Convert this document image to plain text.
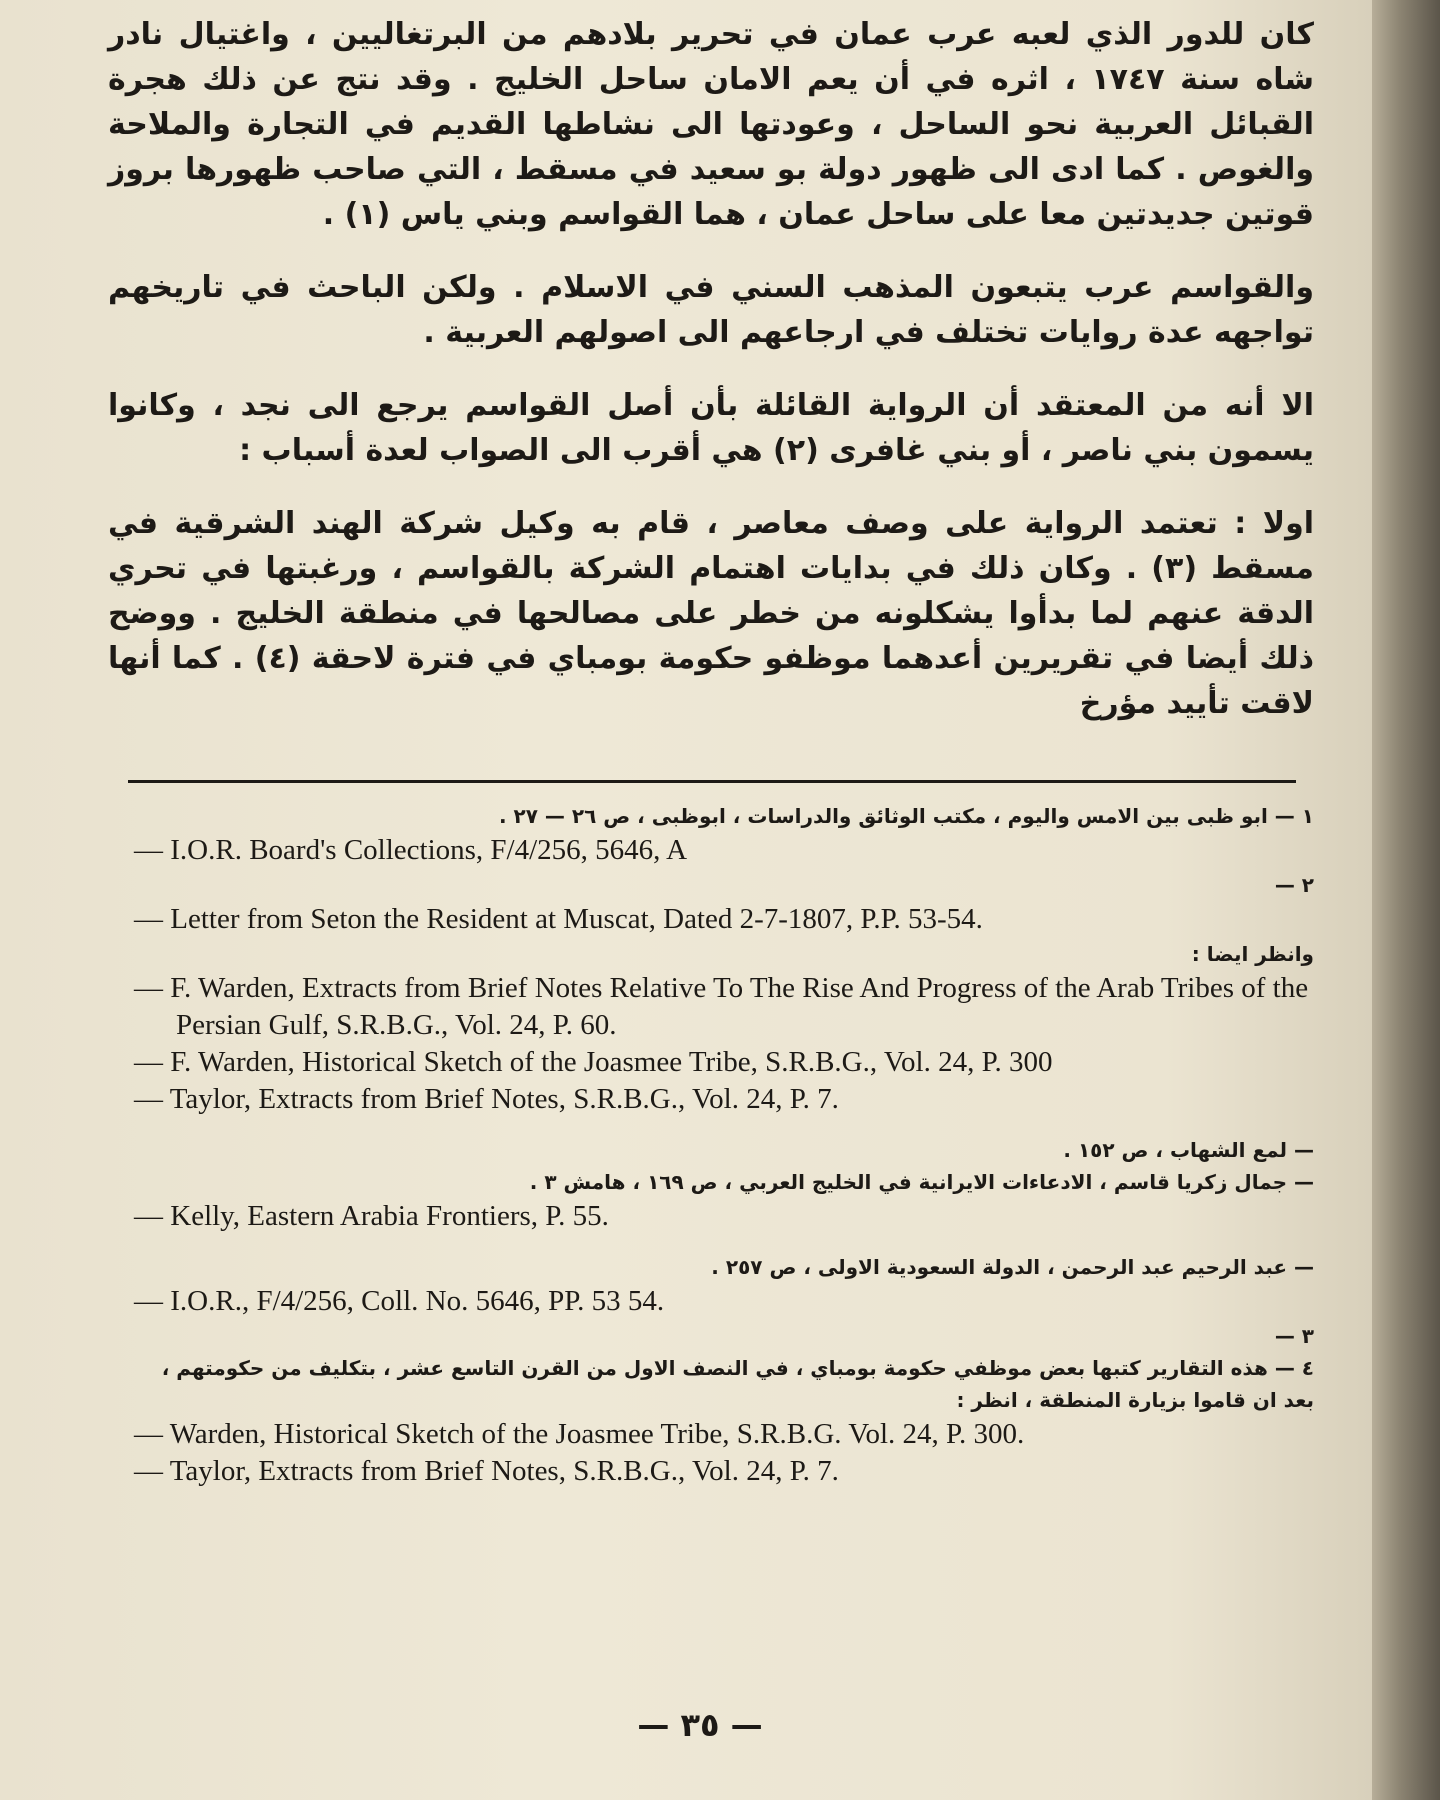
كان للدور الذي لعبه عرب عمان في تحرير بلادهم من البرتغاليين ، واغتيال نادر شاه سنة ١٧٤٧ ، اثره في أن يعم الامان ساحل الخليج . وقد نتج عن ذلك هجرة القبائل العربية نحو الساحل ، وعودتها الى نشاطها القديم في التجارة والملاحة والغوص . كما ادى الى ظهور دولة بو سعيد في مسقط ، التي صاحب ظهورها بروز قوتين جديدتين معا على ساحل عمان ، هما القواسم وبني ياس (١) .

والقواسم عرب يتبعون المذهب السني في الاسلام . ولكن الباحث في تاريخهم تواجهه عدة روايات تختلف في ارجاعهم الى اصولهم العربية .

الا أنه من المعتقد أن الرواية القائلة بأن أصل القواسم يرجع الى نجد ، وكانوا يسمون بني ناصر ، أو بني غافرى (٢) هي أقرب الى الصواب لعدة أسباب :

اولا : تعتمد الرواية على وصف معاصر ، قام به وكيل شركة الهند الشرقية في مسقط (٣) . وكان ذلك في بدايات اهتمام الشركة بالقواسم ، ورغبتها في تحري الدقة عنهم لما بدأوا يشكلونه من خطر على مصالحها في منطقة الخليج . ووضح ذلك أيضا في تقريرين أعدهما موظفو حكومة بومباي في فترة لاحقة (٤) . كما أنها لاقت تأييد مؤرخ

١ — ابو ظبى بين الامس واليوم ، مكتب الوثائق والدراسات ، ابوظبى ، ص ٢٦ — ٢٧ .
— I.O.R. Board's Collections, F/4/256, 5646, A
٢ —
— Letter from Seton the Resident at Muscat, Dated 2-7-1807, P.P. 53-54.
وانظر ايضا :
— F. Warden, Extracts from Brief Notes Relative To The Rise And Progress of the Arab Tribes of the Persian Gulf, S.R.B.G., Vol. 24, P. 60.
— F. Warden, Historical Sketch of the Joasmee Tribe, S.R.B.G., Vol. 24, P. 300
— Taylor, Extracts from Brief Notes, S.R.B.G., Vol. 24, P. 7.
— لمع الشهاب ، ص ١٥٢ .
— جمال زكريا قاسم ، الادعاءات الايرانية في الخليج العربي ، ص ١٦٩ ، هامش ٣ .
— Kelly, Eastern Arabia Frontiers, P. 55.
— عبد الرحيم عبد الرحمن ، الدولة السعودية الاولى ، ص ٢٥٧ .
— I.O.R., F/4/256, Coll. No. 5646, PP. 53 54.
٣ —
٤ — هذه التقارير كتبها بعض موظفي حكومة بومباي ، في النصف الاول من القرن التاسع عشر ، بتكليف من حكومتهم ، بعد ان قاموا بزيارة المنطقة ، انظر :
— Warden, Historical Sketch of the Joasmee Tribe, S.R.B.G. Vol. 24, P. 300.
— Taylor, Extracts from Brief Notes, S.R.B.G., Vol. 24, P. 7.
— ٣٥ —
